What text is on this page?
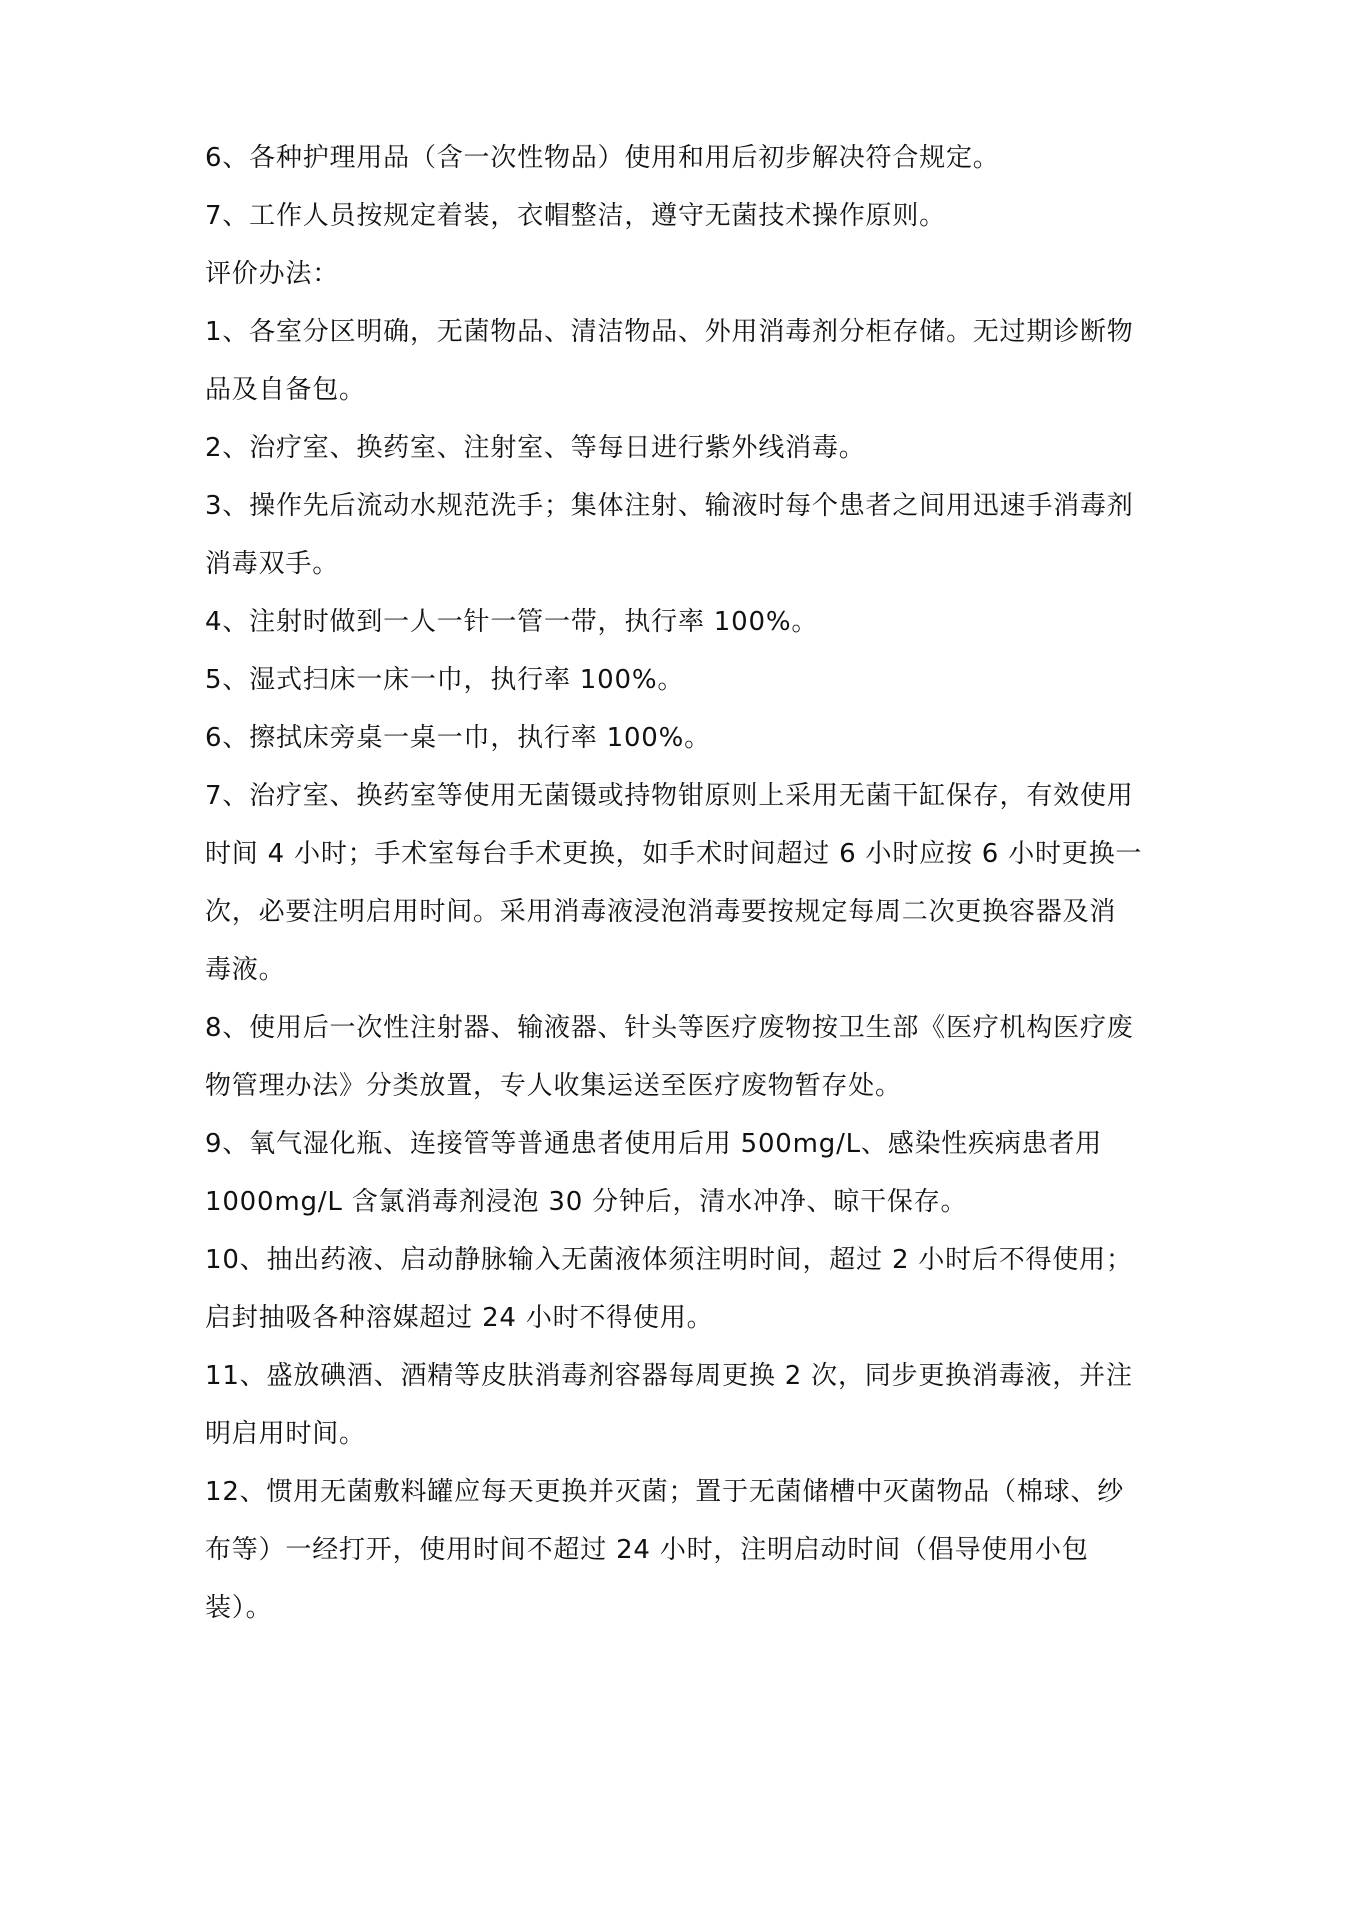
6、各种护理用品（含一次性物品）使用和用后初步解决符合规定。
7、工作人员按规定着装，衣帽整洁，遵守无菌技术操作原则。
评价办法：
1、各室分区明确，无菌物品、清洁物品、外用消毒剂分柜存储。无过期诊断物
品及自备包。
2、治疗室、换药室、注射室、等每日进行紫外线消毒。
3、操作先后流动水规范洗手；集体注射、输液时每个患者之间用迅速手消毒剂
消毒双手。
4、注射时做到一人一针一管一带，执行率 100%。
5、湿式扫床一床一巾，执行率 100%。
6、擦拭床旁桌一桌一巾，执行率 100%。
7、治疗室、换药室等使用无菌镊或持物钳原则上采用无菌干缸保存，有效使用
时间 4 小时；手术室每台手术更换，如手术时间超过 6 小时应按 6 小时更换一
次，必要注明启用时间。采用消毒液浸泡消毒要按规定每周二次更换容器及消
毒液。
8、使用后一次性注射器、输液器、针头等医疗废物按卫生部《医疗机构医疗废
物管理办法》分类放置，专人收集运送至医疗废物暂存处。
9、氧气湿化瓶、连接管等普通患者使用后用 500mg/L、感染性疾病患者用
1000mg/L 含氯消毒剂浸泡 30 分钟后，清水冲净、晾干保存。
10、抽出药液、启动静脉输入无菌液体须注明时间，超过 2 小时后不得使用；
启封抽吸各种溶媒超过 24 小时不得使用。
11、盛放碘酒、酒精等皮肤消毒剂容器每周更换 2 次，同步更换消毒液，并注
明启用时间。
12、惯用无菌敷料罐应每天更换并灭菌；置于无菌储槽中灭菌物品（棉球、纱
布等）一经打开，使用时间不超过 24 小时，注明启动时间（倡导使用小包
装）。
